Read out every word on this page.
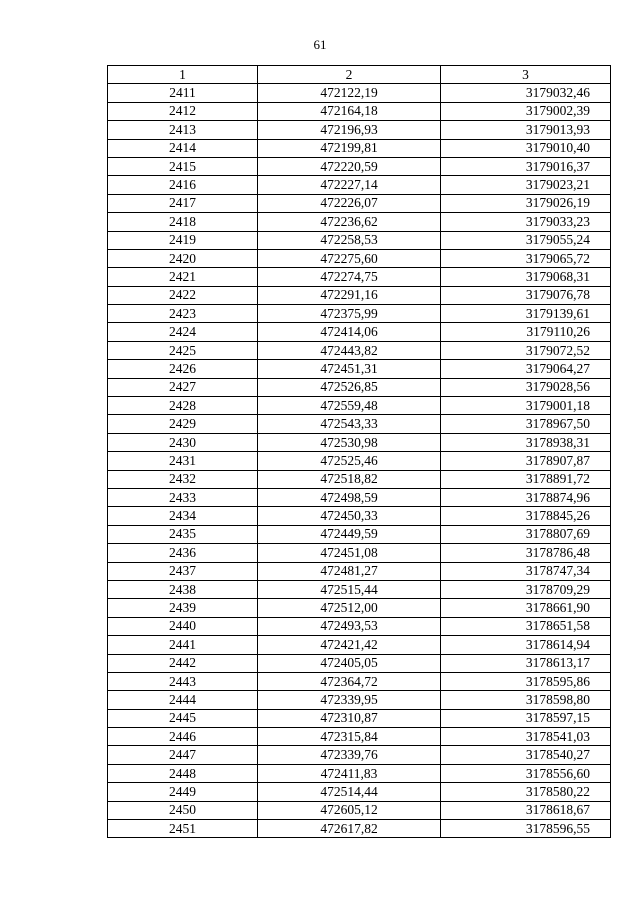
61
1	2	3
2411	472122,19	3179032,46
2412	472164,18	3179002,39
2413	472196,93	3179013,93
2414	472199,81	3179010,40
2415	472220,59	3179016,37
2416	472227,14	3179023,21
2417	472226,07	3179026,19
2418	472236,62	3179033,23
2419	472258,53	3179055,24
2420	472275,60	3179065,72
2421	472274,75	3179068,31
2422	472291,16	3179076,78
2423	472375,99	3179139,61
2424	472414,06	3179110,26
2425	472443,82	3179072,52
2426	472451,31	3179064,27
2427	472526,85	3179028,56
2428	472559,48	3179001,18
2429	472543,33	3178967,50
2430	472530,98	3178938,31
2431	472525,46	3178907,87
2432	472518,82	3178891,72
2433	472498,59	3178874,96
2434	472450,33	3178845,26
2435	472449,59	3178807,69
2436	472451,08	3178786,48
2437	472481,27	3178747,34
2438	472515,44	3178709,29
2439	472512,00	3178661,90
2440	472493,53	3178651,58
2441	472421,42	3178614,94
2442	472405,05	3178613,17
2443	472364,72	3178595,86
2444	472339,95	3178598,80
2445	472310,87	3178597,15
2446	472315,84	3178541,03
2447	472339,76	3178540,27
2448	472411,83	3178556,60
2449	472514,44	3178580,22
2450	472605,12	3178618,67
2451	472617,82	3178596,55
